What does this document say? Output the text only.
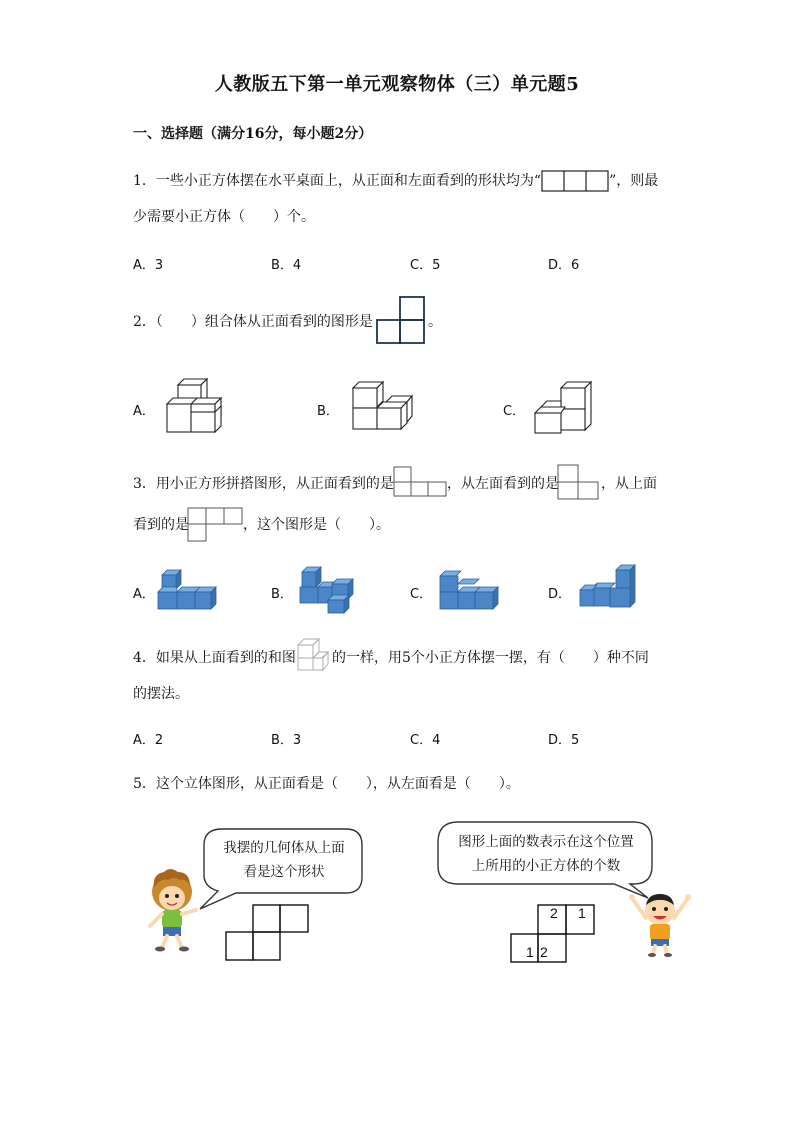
人教版五下第一单元观察物体（三）单元题5
一、选择题（满分16分，每小题2分）
1．一些小正方体摆在水平桌面上，从正面和左面看到的形状均为“	”，则最
少需要小正方体（　　）个。
A．3	B．4	C．5	D．6
2．（　　）组合体从正面看到的图形是	。
A．	B．	C．
3．用小正方形拼搭图形，从正面看到的是	，从左面看到的是	，从上面
看到的是	，这个图形是（　　）。
A．	B．	C．	D．
4．如果从上面看到的和图	的一样，用5个小正方体摆一摆，有（　　）种不同
的摆法。
A．2	B．3	C．4	D．5
5．这个立体图形，从正面看是（　　），从左面看是（　　）。
我摆的几何体从上面
看是这个形状
图形上面的数表示在这个位置
上所用的小正方体的个数
2 1
1 2
